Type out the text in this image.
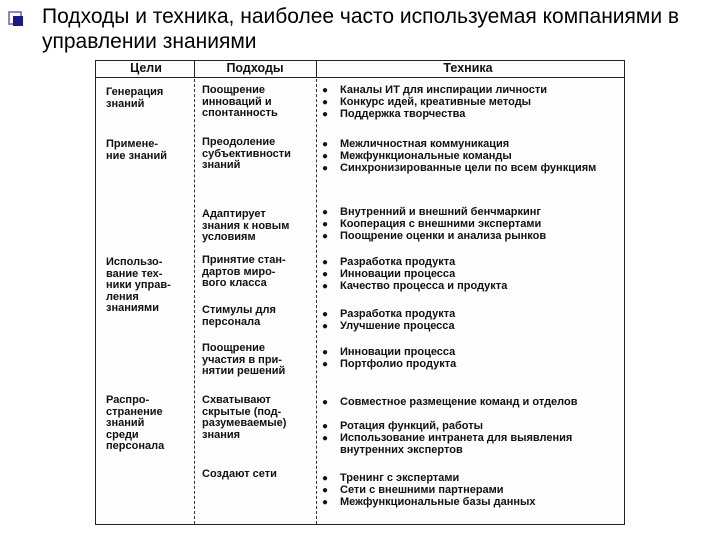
Подходы и техника, наиболее часто используемая компаниями в управлении знаниями
Цели	Подходы	Техника
Генерация
знаний
Примене-
ние знаний
Использо-
вание тех-
ники управ-
ления
знаниями
Распро-
странение
знаний
среди
персонала
Поощрение
инноваций и
спонтанность
Преодоление
субъективности
знаний
Адаптирует
знания к новым
условиям
Принятие стан-
дартов миро-
вого класса
Стимулы для
персонала
Поощрение
участия в при-
нятии решений
Схватывают
скрытые (под-
разумеваемые)
знания
Создают сети
● Каналы ИТ для инспирации личности
● Конкурс идей, креативные методы
● Поддержка творчества
● Межличностная коммуникация
● Межфункциональные команды
● Синхронизированные цели по всем функциям
● Внутренний и внешний бенчмаркинг
● Кооперация с внешними экспертами
● Поощрение оценки и анализа рынков
● Разработка продукта
● Инновации процесса
● Качество процесса и продукта
● Разработка продукта
● Улучшение процесса
● Инновации процесса
● Портфолио продукта
● Совместное размещение команд и отделов
● Ротация функций, работы
● Использование интранета для выявления внутренних экспертов
● Тренинг с экспертами
● Сети с внешними партнерами
● Межфункциональные базы данных
